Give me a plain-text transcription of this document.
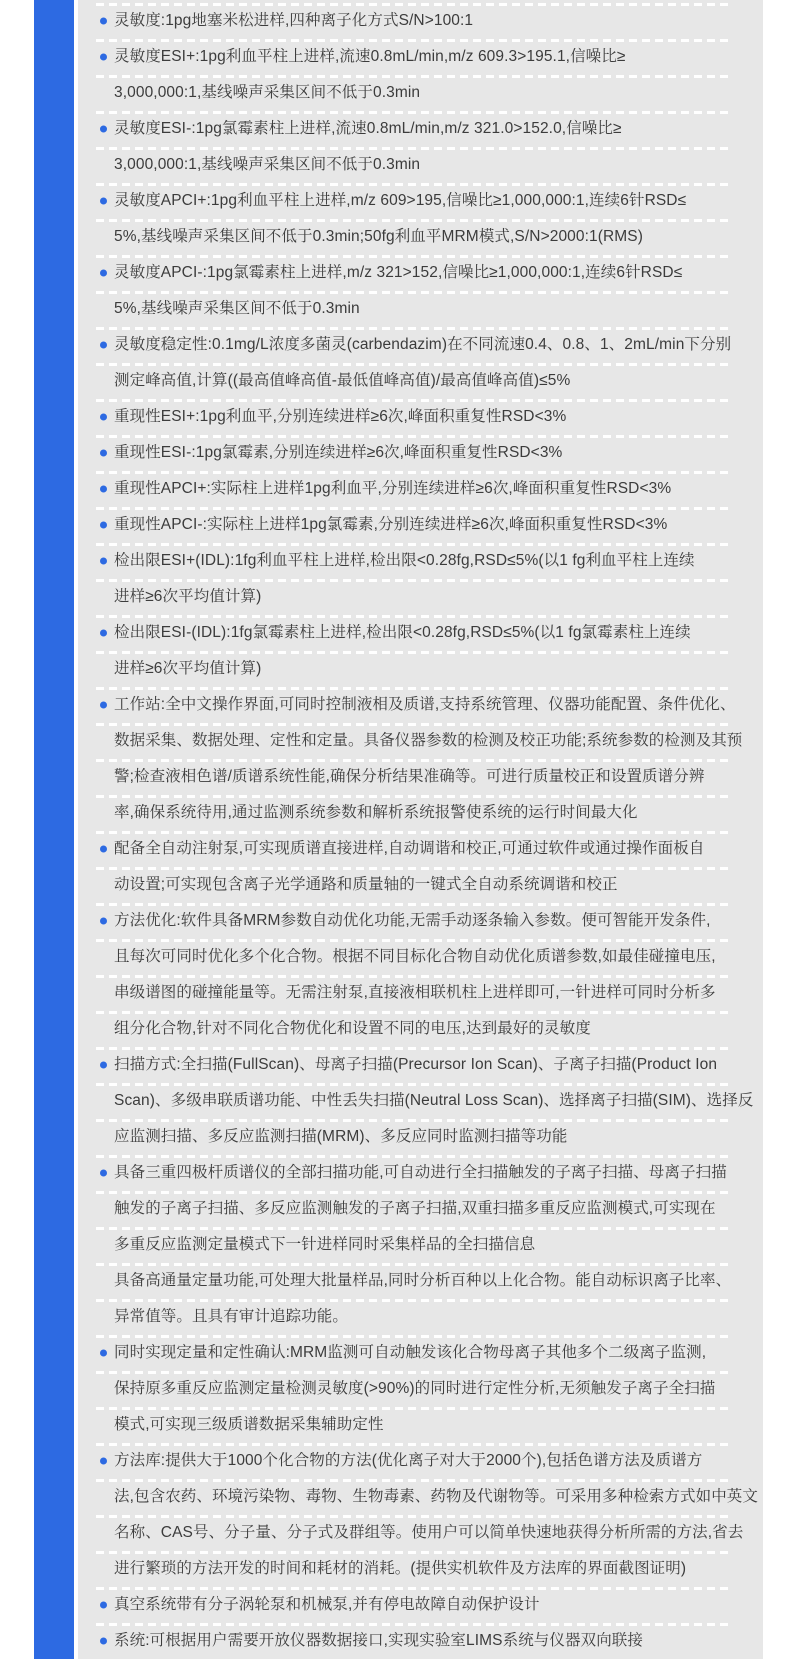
灵敏度:1pg地塞米松进样,四种离子化方式S/N>100:1
灵敏度ESI+:1pg利血平柱上进样,流速0.8mL/min,m/z 609.3>195.1,信噪比≥
3,000,000:1,基线噪声采集区间不低于0.3min
灵敏度ESI-:1pg氯霉素柱上进样,流速0.8mL/min,m/z 321.0>152.0,信噪比≥
3,000,000:1,基线噪声采集区间不低于0.3min
灵敏度APCI+:1pg利血平柱上进样,m/z 609>195,信噪比≥1,000,000:1,连续6针RSD≤
5%,基线噪声采集区间不低于0.3min;50fg利血平MRM模式,S/N>2000:1(RMS)
灵敏度APCI-:1pg氯霉素柱上进样,m/z 321>152,信噪比≥1,000,000:1,连续6针RSD≤
5%,基线噪声采集区间不低于0.3min
灵敏度稳定性:0.1mg/L浓度多菌灵(carbendazim)在不同流速0.4、0.8、1、2mL/min下分别
测定峰高值,计算((最高值峰高值-最低值峰高值)/最高值峰高值)≤5%
重现性ESI+:1pg利血平,分别连续进样≥6次,峰面积重复性RSD<3%
重现性ESI-:1pg氯霉素,分别连续进样≥6次,峰面积重复性RSD<3%
重现性APCI+:实际柱上进样1pg利血平,分别连续进样≥6次,峰面积重复性RSD<3%
重现性APCI-:实际柱上进样1pg氯霉素,分别连续进样≥6次,峰面积重复性RSD<3%
检出限ESI+(IDL):1fg利血平柱上进样,检出限<0.28fg,RSD≤5%(以1 fg利血平柱上连续
进样≥6次平均值计算)
检出限ESI-(IDL):1fg氯霉素柱上进样,检出限<0.28fg,RSD≤5%(以1 fg氯霉素柱上连续
进样≥6次平均值计算)
工作站:全中文操作界面,可同时控制液相及质谱,支持系统管理、仪器功能配置、条件优化、
数据采集、数据处理、定性和定量。具备仪器参数的检测及校正功能;系统参数的检测及其预
警;检查液相色谱/质谱系统性能,确保分析结果准确等。可进行质量校正和设置质谱分辨
率,确保系统待用,通过监测系统参数和解析系统报警使系统的运行时间最大化
配备全自动注射泵,可实现质谱直接进样,自动调谐和校正,可通过软件或通过操作面板自
动设置;可实现包含离子光学通路和质量轴的一键式全自动系统调谐和校正
方法优化:软件具备MRM参数自动优化功能,无需手动逐条输入参数。便可智能开发条件,
且每次可同时优化多个化合物。根据不同目标化合物自动优化质谱参数,如最佳碰撞电压,
串级谱图的碰撞能量等。无需注射泵,直接液相联机柱上进样即可,一针进样可同时分析多
组分化合物,针对不同化合物优化和设置不同的电压,达到最好的灵敏度
扫描方式:全扫描(FullScan)、母离子扫描(Precursor Ion Scan)、子离子扫描(Product Ion
Scan)、多级串联质谱功能、中性丢失扫描(Neutral Loss Scan)、选择离子扫描(SIM)、选择反
应监测扫描、多反应监测扫描(MRM)、多反应同时监测扫描等功能
具备三重四极杆质谱仪的全部扫描功能,可自动进行全扫描触发的子离子扫描、母离子扫描
触发的子离子扫描、多反应监测触发的子离子扫描,双重扫描多重反应监测模式,可实现在
多重反应监测定量模式下一针进样同时采集样品的全扫描信息
具备高通量定量功能,可处理大批量样品,同时分析百种以上化合物。能自动标识离子比率、
异常值等。且具有审计追踪功能。
同时实现定量和定性确认:MRM监测可自动触发该化合物母离子其他多个二级离子监测,
保持原多重反应监测定量检测灵敏度(>90%)的同时进行定性分析,无须触发子离子全扫描
模式,可实现三级质谱数据采集辅助定性
方法库:提供大于1000个化合物的方法(优化离子对大于2000个),包括色谱方法及质谱方
法,包含农药、环境污染物、毒物、生物毒素、药物及代谢物等。可采用多种检索方式如中英文
名称、CAS号、分子量、分子式及群组等。使用户可以简单快速地获得分析所需的方法,省去
进行繁琐的方法开发的时间和耗材的消耗。(提供实机软件及方法库的界面截图证明)
真空系统带有分子涡轮泵和机械泵,并有停电故障自动保护设计
系统:可根据用户需要开放仪器数据接口,实现实验室LIMS系统与仪器双向联接
